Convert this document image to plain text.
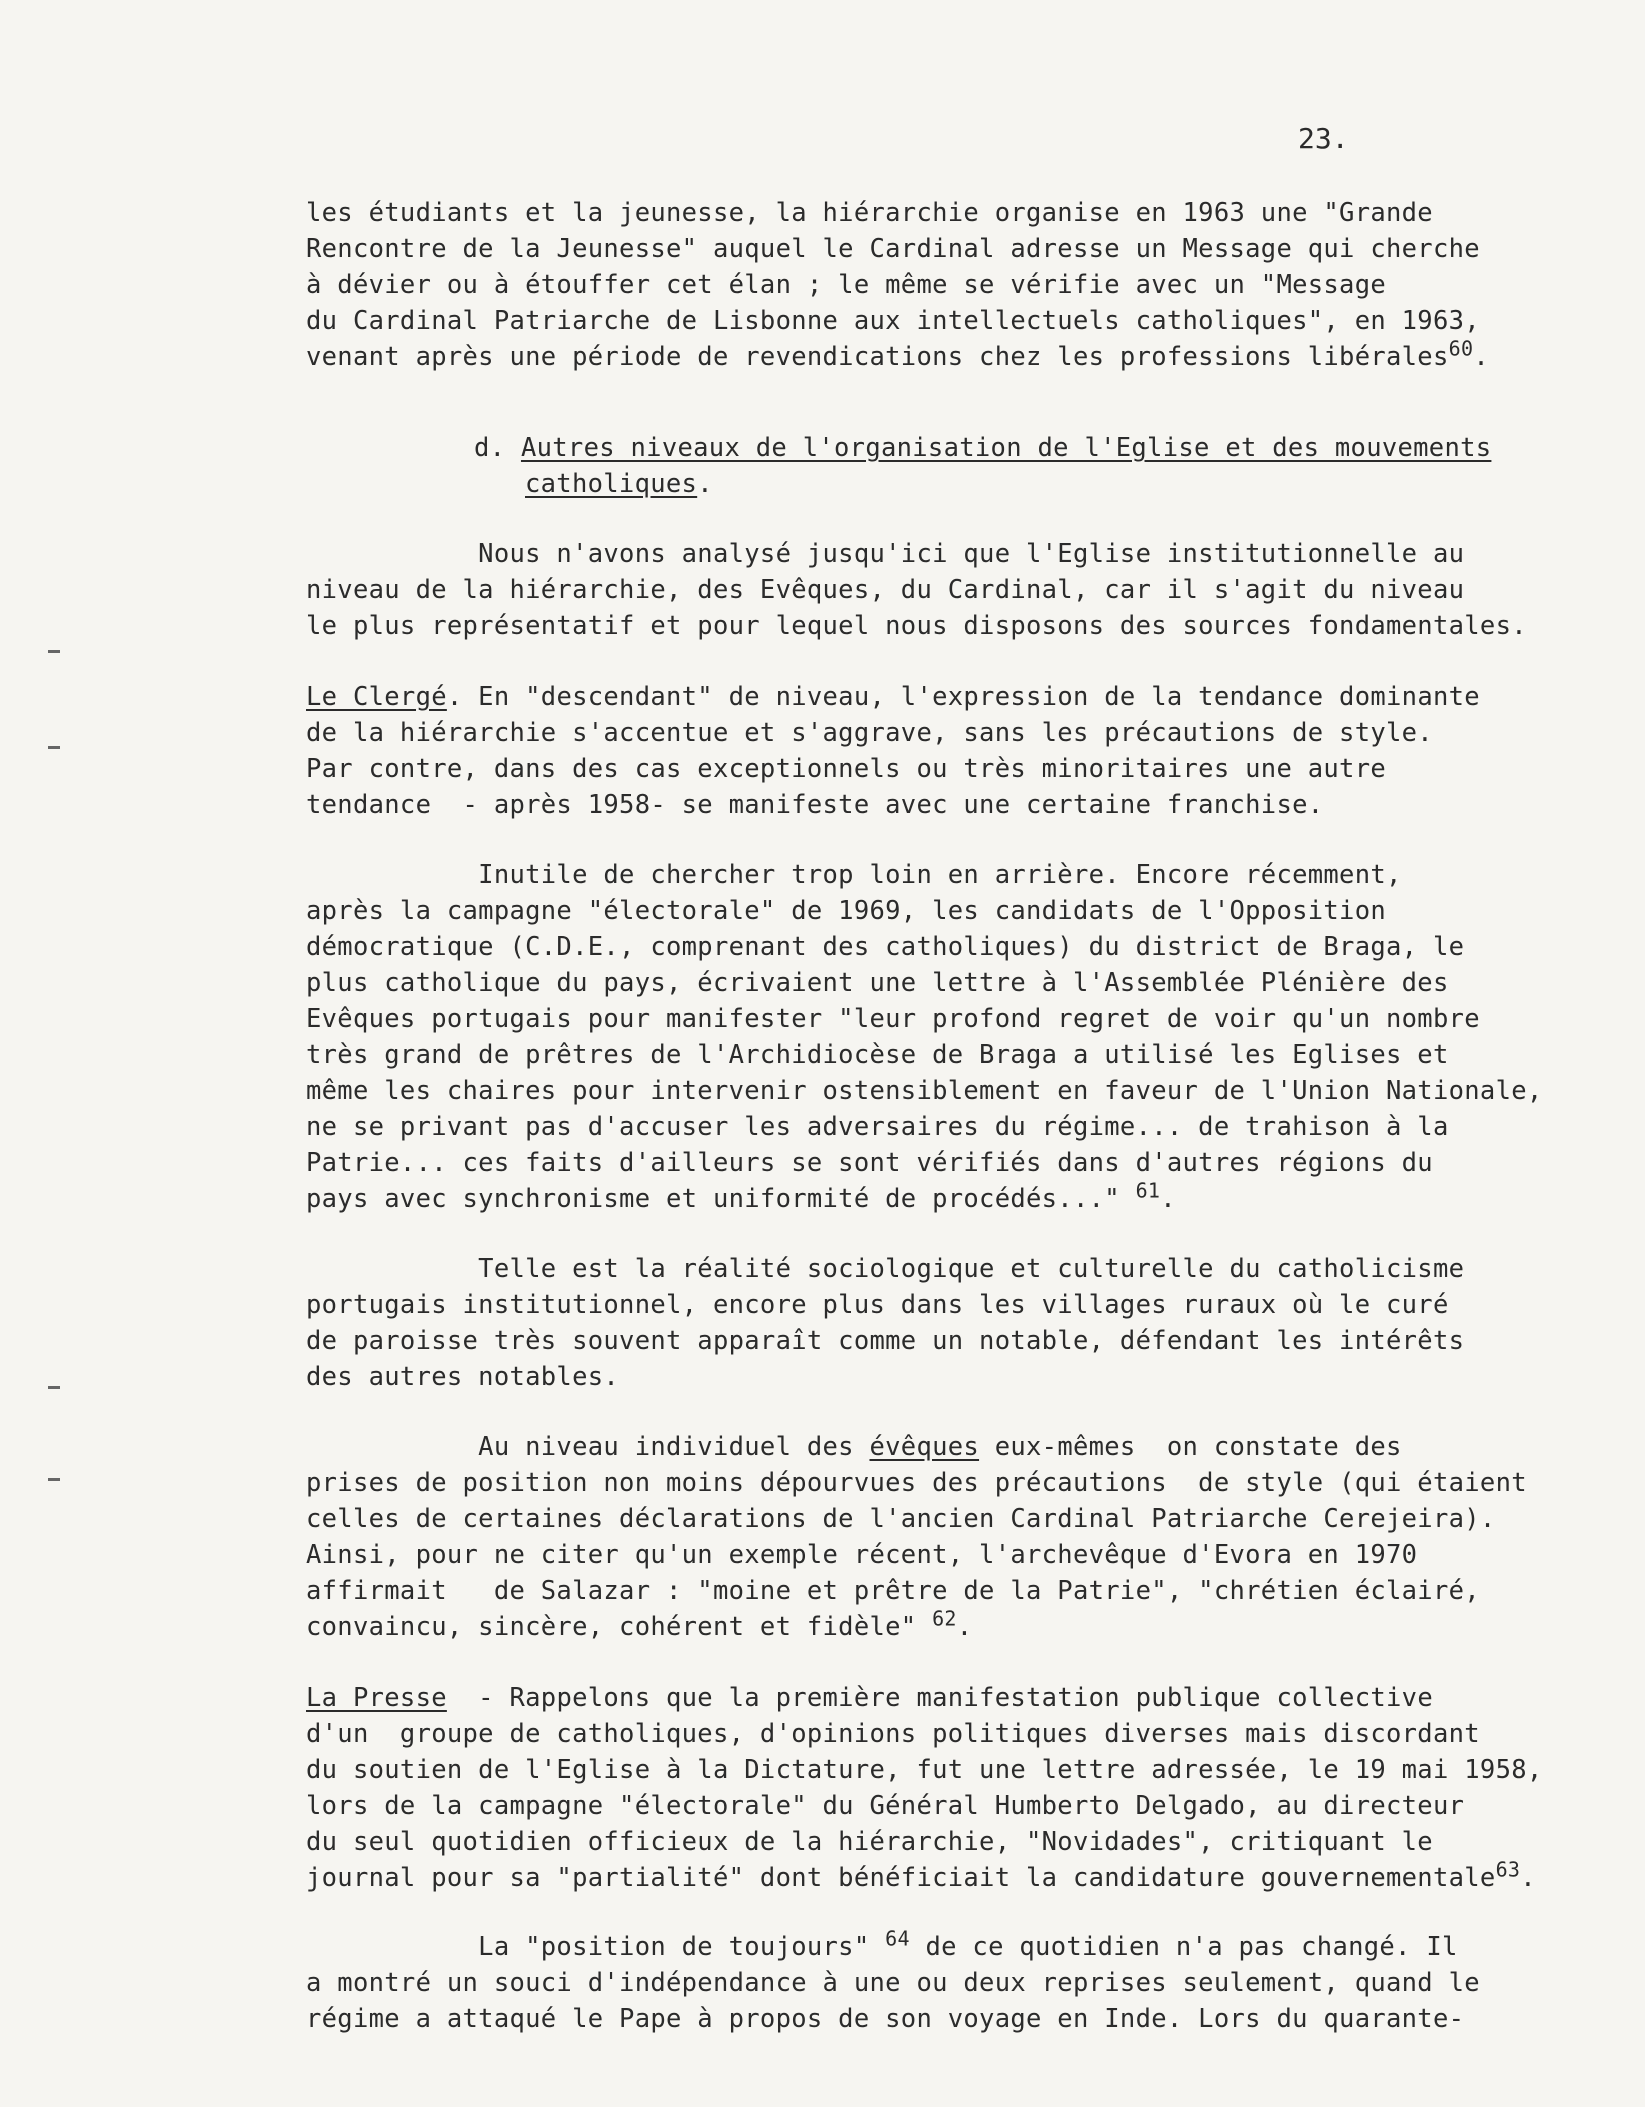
23.
les étudiants et la jeunesse, la hiérarchie organise en 1963 une "Grande
Rencontre de la Jeunesse" auquel le Cardinal adresse un Message qui cherche
à dévier ou à étouffer cet élan ; le même se vérifie avec un "Message
du Cardinal Patriarche de Lisbonne aux intellectuels catholiques", en 1963,
venant après une période de revendications chez les professions libérales$^{60}$.
d. Autres niveaux de l'organisation de l'Eglise et des mouvements
catholiques.
Nous n'avons analysé jusqu'ici que l'Eglise institutionnelle au
niveau de la hiérarchie, des Evêques, du Cardinal, car il s'agit du niveau
le plus représentatif et pour lequel nous disposons des sources fondamentales.
Le Clergé. En "descendant" de niveau, l'expression de la tendance dominante
de la hiérarchie s'accentue et s'aggrave, sans les précautions de style.
Par contre, dans des cas exceptionnels ou très minoritaires une autre
tendance  - après 1958- se manifeste avec une certaine franchise.
Inutile de chercher trop loin en arrière. Encore récemment,
après la campagne "électorale" de 1969, les candidats de l'Opposition
démocratique (C.D.E., comprenant des catholiques) du district de Braga, le
plus catholique du pays, écrivaient une lettre à l'Assemblée Plénière des
Evêques portugais pour manifester "leur profond regret de voir qu'un nombre
très grand de prêtres de l'Archidiocèse de Braga a utilisé les Eglises et
même les chaires pour intervenir ostensiblement en faveur de l'Union Nationale,
ne se privant pas d'accuser les adversaires du régime... de trahison à la
Patrie... ces faits d'ailleurs se sont vérifiés dans d'autres régions du
pays avec synchronisme et uniformité de procédés..." $^{61}$.
Telle est la réalité sociologique et culturelle du catholicisme
portugais institutionnel, encore plus dans les villages ruraux où le curé
de paroisse très souvent apparaît comme un notable, défendant les intérêts
des autres notables.
Au niveau individuel des évêques eux-mêmes  on constate des
prises de position non moins dépourvues des précautions  de style (qui étaient
celles de certaines déclarations de l'ancien Cardinal Patriarche Cerejeira).
Ainsi, pour ne citer qu'un exemple récent, l'archevêque d'Evora en 1970
affirmait   de Salazar : "moine et prêtre de la Patrie", "chrétien éclairé,
convaincu, sincère, cohérent et fidèle" $^{62}$.
La Presse  - Rappelons que la première manifestation publique collective
d'un  groupe de catholiques, d'opinions politiques diverses mais discordant
du soutien de l'Eglise à la Dictature, fut une lettre adressée, le 19 mai 1958,
lors de la campagne "électorale" du Général Humberto Delgado, au directeur
du seul quotidien officieux de la hiérarchie, "Novidades", critiquant le
journal pour sa "partialité" dont bénéficiait la candidature gouvernementale$^{63}$.
La "position de toujours" $^{64}$ de ce quotidien n'a pas changé. Il
a montré un souci d'indépendance à une ou deux reprises seulement, quand le
régime a attaqué le Pape à propos de son voyage en Inde. Lors du quarante-
